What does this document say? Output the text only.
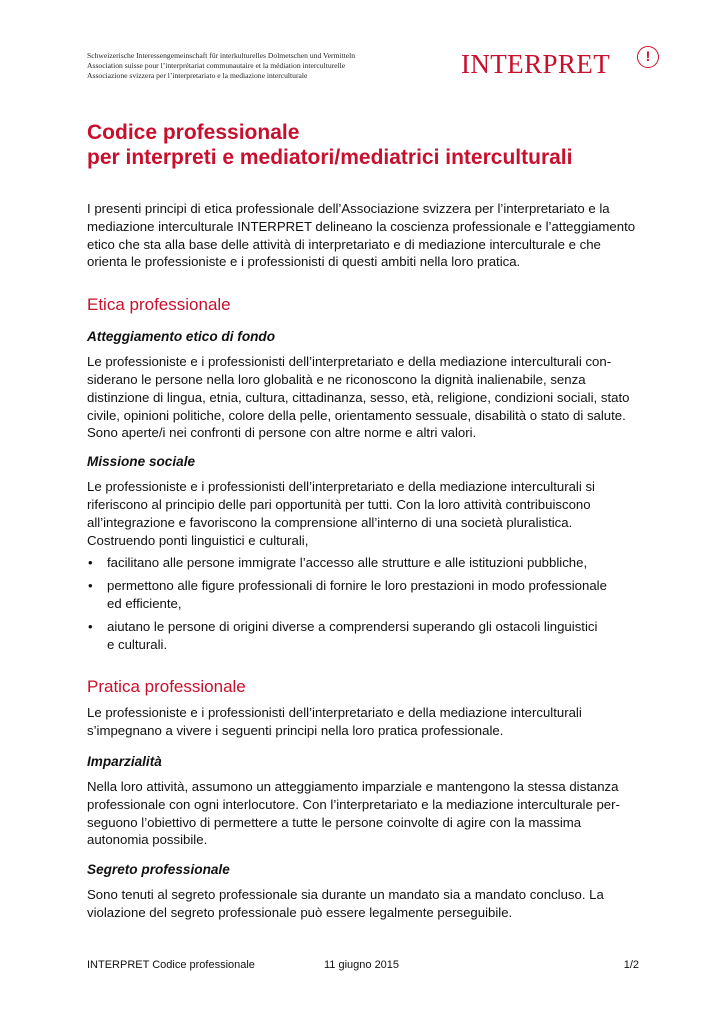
Schweizerische Interessengemeinschaft für interkulturelles Dolmetschen und Vermitteln
Association suisse pour l’interprétariat communautaire et la médiation interculturelle
Associazione svizzera per l’interpretariato e la mediazione interculturale	INTERPRET	!
Codice professionale
per interpreti e mediatori/mediatrici interculturali

I presenti principi di etica professionale dell’Associazione svizzera per l’interpretariato e la
mediazione interculturale INTERPRET delineano la coscienza professionale e l’atteggiamento
etico che sta alla base delle attività di interpretariato e di mediazione interculturale e che
orienta le professioniste e i professionisti di questi ambiti nella loro pratica.

Etica professionale
Atteggiamento etico di fondo

Le professioniste e i professionisti dell’interpretariato e della mediazione interculturali con-
siderano le persone nella loro globalità e ne riconoscono la dignità inalienabile, senza
distinzione di lingua, etnia, cultura, cittadinanza, sesso, età, religione, condizioni sociali, stato
civile, opinioni politiche, colore della pelle, orientamento sessuale, disabilità o stato di salute.
Sono aperte/i nei confronti di persone con altre norme e altri valori.

Missione sociale

Le professioniste e i professionisti dell’interpretariato e della mediazione interculturali si
riferiscono al principio delle pari opportunità per tutti. Con la loro attività contribuiscono
all’integrazione e favoriscono la comprensione all’interno di una società pluralistica.
Costruendo ponti linguistici e culturali,

• facilitano alle persone immigrate l’accesso alle strutture e alle istituzioni pubbliche,
• permettono alle figure professionali di fornire le loro prestazioni in modo professionale
ed efficiente,
• aiutano le persone di origini diverse a comprendersi superando gli ostacoli linguistici
e culturali.
Pratica professionale

Le professioniste e i professionisti dell’interpretariato e della mediazione interculturali
s’impegnano a vivere i seguenti principi nella loro pratica professionale.

Imparzialità

Nella loro attività, assumono un atteggiamento imparziale e mantengono la stessa distanza
professionale con ogni interlocutore. Con l’interpretariato e la mediazione interculturale per-
seguono l’obiettivo di permettere a tutte le persone coinvolte di agire con la massima
autonomia possibile.

Segreto professionale

Sono tenuti al segreto professionale sia durante un mandato sia a mandato concluso. La
violazione del segreto professionale può essere legalmente perseguibile.

INTERPRET Codice professionale	11 giugno 2015	1/2
